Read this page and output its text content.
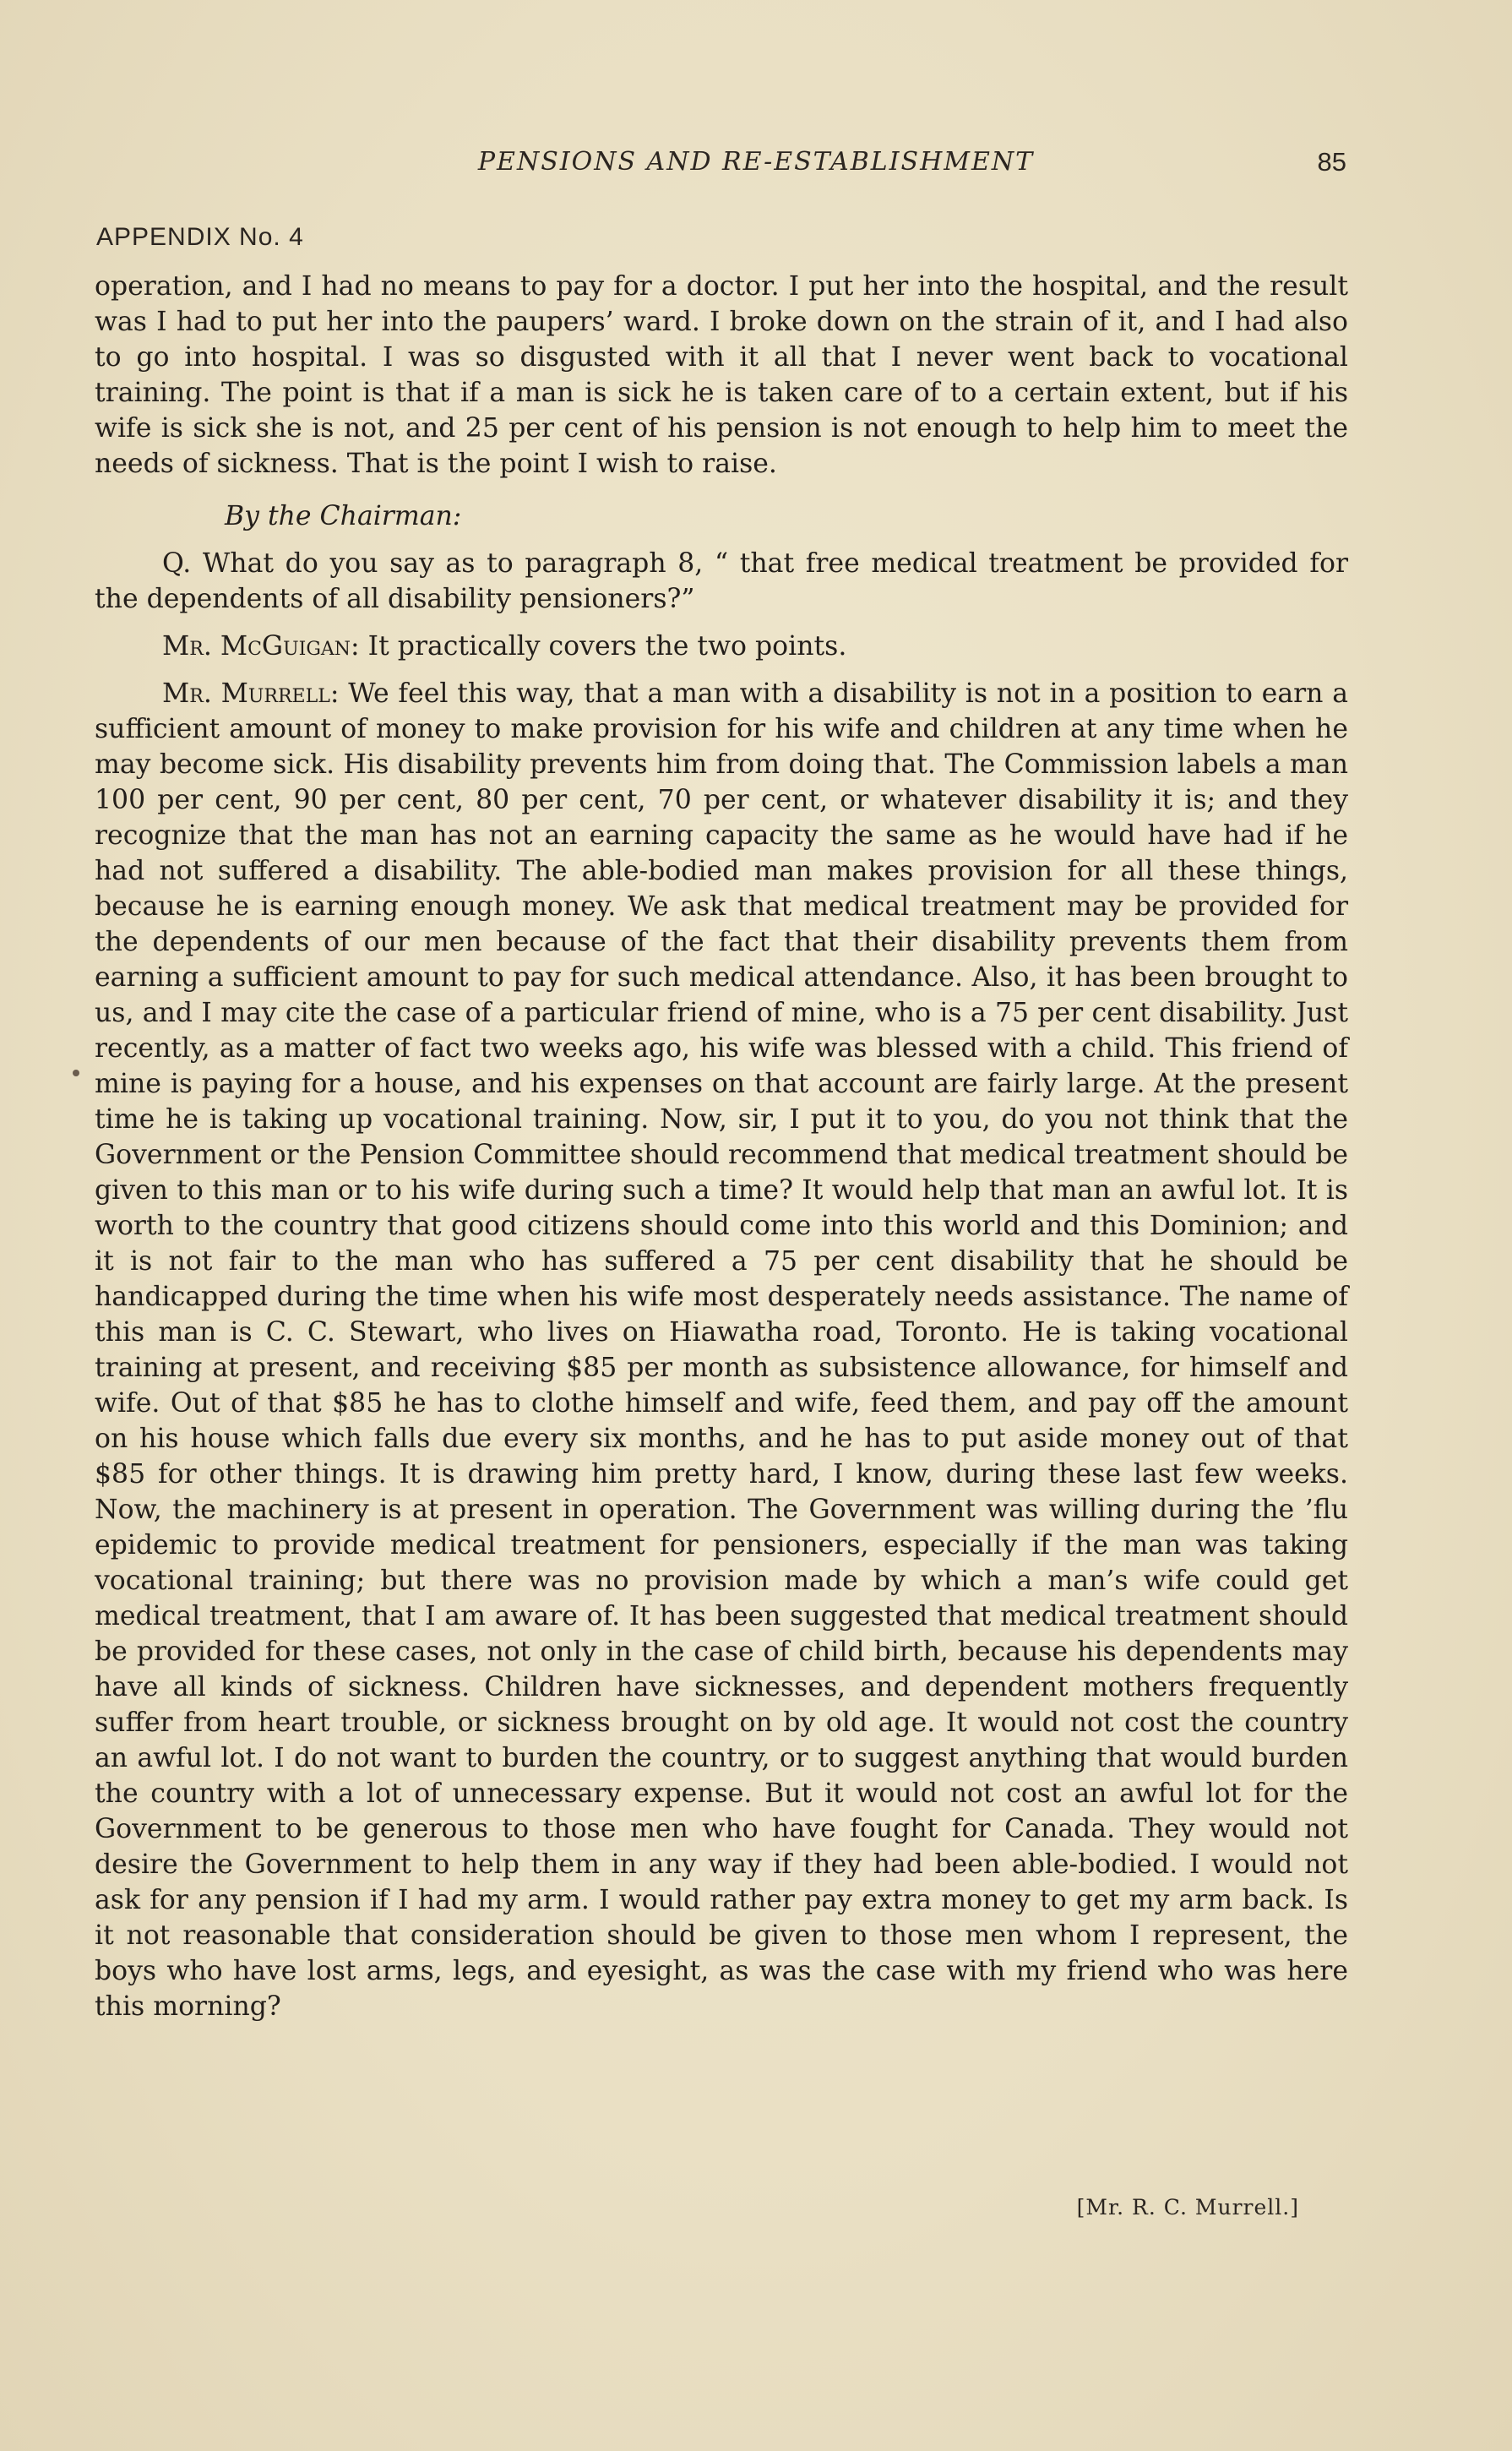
PENSIONS AND RE-ESTABLISHMENT	85
APPENDIX No. 4

operation, and I had no means to pay for a doctor. I put her into the hospital, and the result was I had to put her into the paupers’ ward. I broke down on the strain of it, and I had also to go into hospital. I was so disgusted with it all that I never went back to vocational training. The point is that if a man is sick he is taken care of to a certain extent, but if his wife is sick she is not, and 25 per cent of his pension is not enough to help him to meet the needs of sickness. That is the point I wish to raise.

By the Chairman:

Q. What do you say as to paragraph 8, “ that free medical treatment be provided for the dependents of all disability pensioners?”

Mr. McGuigan: It practically covers the two points.

Mr. Murrell: We feel this way, that a man with a disability is not in a position to earn a sufficient amount of money to make provision for his wife and children at any time when he may become sick. His disability prevents him from doing that. The Commission labels a man 100 per cent, 90 per cent, 80 per cent, 70 per cent, or whatever disability it is; and they recognize that the man has not an earning capacity the same as he would have had if he had not suffered a disability. The able-bodied man makes provision for all these things, because he is earning enough money. We ask that medical treatment may be provided for the dependents of our men because of the fact that their disability prevents them from earning a sufficient amount to pay for such medical attendance. Also, it has been brought to us, and I may cite the case of a particular friend of mine, who is a 75 per cent disability. Just recently, as a matter of fact two weeks ago, his wife was blessed with a child. This friend of mine is paying for a house, and his expenses on that account are fairly large. At the present time he is taking up vocational training. Now, sir, I put it to you, do you not think that the Government or the Pension Committee should recommend that medical treatment should be given to this man or to his wife during such a time? It would help that man an awful lot. It is worth to the country that good citizens should come into this world and this Dominion; and it is not fair to the man who has suffered a 75 per cent disability that he should be handicapped during the time when his wife most desperately needs assistance. The name of this man is C. C. Stewart, who lives on Hiawatha road, Toronto. He is taking vocational training at present, and receiving $85 per month as subsistence allowance, for himself and wife. Out of that $85 he has to clothe himself and wife, feed them, and pay off the amount on his house which falls due every six months, and he has to put aside money out of that $85 for other things. It is drawing him pretty hard, I know, during these last few weeks. Now, the machinery is at present in operation. The Government was willing during the ’flu epidemic to provide medical treatment for pensioners, especially if the man was taking vocational training; but there was no provision made by which a man’s wife could get medical treatment, that I am aware of. It has been suggested that medical treatment should be provided for these cases, not only in the case of child birth, because his dependents may have all kinds of sickness. Children have sicknesses, and dependent mothers frequently suffer from heart trouble, or sickness brought on by old age. It would not cost the country an awful lot. I do not want to burden the country, or to suggest anything that would burden the country with a lot of unnecessary expense. But it would not cost an awful lot for the Government to be generous to those men who have fought for Canada. They would not desire the Government to help them in any way if they had been able-bodied. I would not ask for any pension if I had my arm. I would rather pay extra money to get my arm back. Is it not reasonable that consideration should be given to those men whom I represent, the boys who have lost arms, legs, and eyesight, as was the case with my friend who was here this morning?

[Mr. R. C. Murrell.]
